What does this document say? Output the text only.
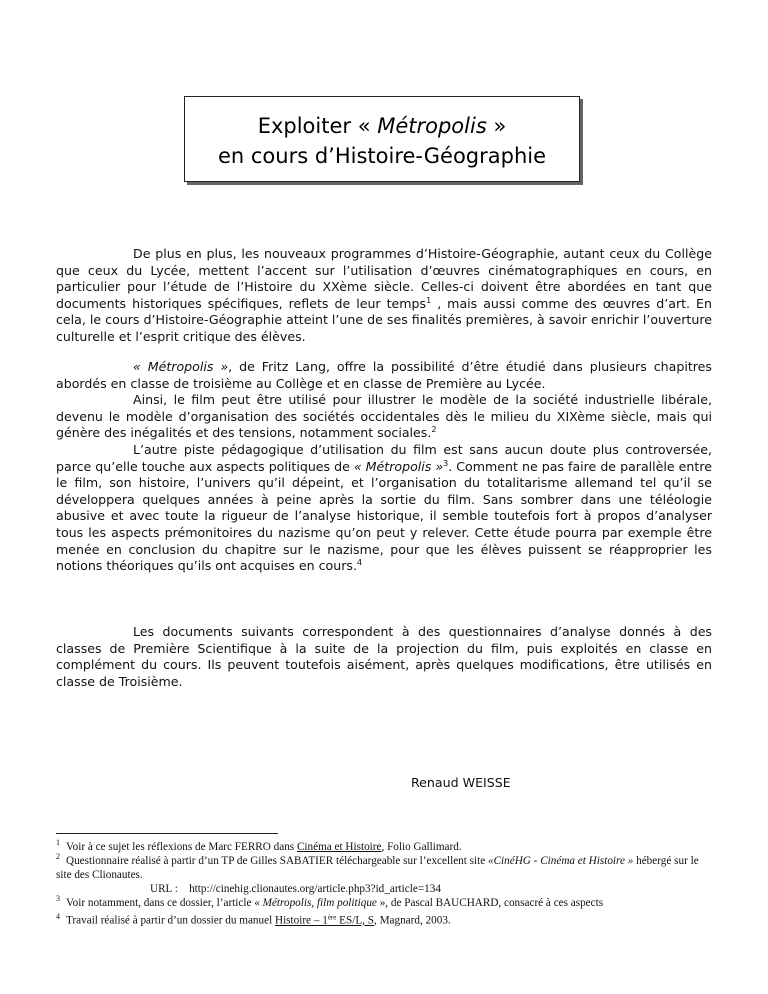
Exploiter « Métropolis »
en cours d’Histoire-Géographie

De plus en plus, les nouveaux programmes d’Histoire-Géographie, autant ceux du Collège que ceux du Lycée, mettent l’accent sur l’utilisation d’œuvres cinématographiques en cours, en particulier pour l’étude de l’Histoire du XXème siècle. Celles-ci doivent être abordées en tant que documents historiques spécifiques, reflets de leur temps$^1$ , mais aussi comme des œuvres d’art. En cela, le cours d’Histoire-Géographie atteint l’une de ses finalités premières, à savoir enrichir l’ouverture culturelle et l’esprit critique des élèves.

« Métropolis », de Fritz Lang, offre la possibilité d’être étudié dans plusieurs chapitres abordés en classe de troisième au Collège et en classe de Première au Lycée.

Ainsi, le film peut être utilisé pour illustrer le modèle de la société industrielle libérale, devenu le modèle d’organisation des sociétés occidentales dès le milieu du XIXème siècle, mais qui génère des inégalités et des tensions, notamment sociales.$^2$

L’autre piste pédagogique d’utilisation du film est sans aucun doute plus controversée, parce qu’elle touche aux aspects politiques de « Métropolis »$^3$. Comment ne pas faire de parallèle entre le film, son histoire, l’univers qu’il dépeint, et l’organisation du totalitarisme allemand tel qu’il se développera quelques années à peine après la sortie du film. Sans sombrer dans une téléologie abusive et avec toute la rigueur de l’analyse historique, il semble toutefois fort à propos d’analyser tous les aspects prémonitoires du nazisme qu’on peut y relever. Cette étude pourra par exemple être menée en conclusion du chapitre sur le nazisme, pour que les élèves puissent se réapproprier les notions théoriques qu’ils ont acquises en cours.$^4$

Les documents suivants correspondent à des questionnaires d’analyse donnés à des classes de Première Scientifique à la suite de la projection du film, puis exploités en classe en complément du cours. Ils peuvent toutefois aisément, après quelques modifications, être utilisés en classe de Troisième.

Renaud WEISSE

$^1$ Voir à ce sujet les réflexions de Marc FERRO dans Cinéma et Histoire, Folio Gallimard.

$^2$ Questionnaire réalisé à partir d’un TP de Gilles SABATIER téléchargeable sur l’excellent site «CinéHG - Cinéma et Histoire » hébergé sur le site des Clionautes.

URL : http://cinehig.clionautes.org/article.php3?id_article=134

$^3$ Voir notamment, dans ce dossier, l’article « Métropolis, film politique », de Pascal BAUCHARD, consacré à ces aspects

$^4$ Travail réalisé à partir d’un dossier du manuel Histoire – 1ère ES/L, S, Magnard, 2003.
